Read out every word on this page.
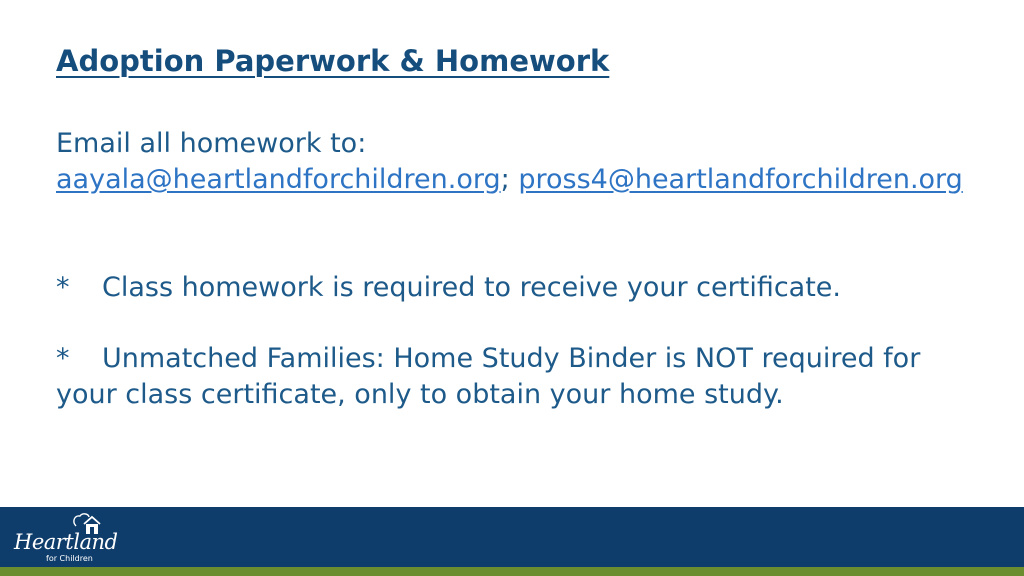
Adoption Paperwork & Homework

Email all homework to:

aayala@heartlandforchildren.org; pross4@heartlandforchildren.org

* Class homework is required to receive your certificate.

* Unmatched Families: Home Study Binder is NOT required for your class certificate, only to obtain your home study.

Heartland
for Children
